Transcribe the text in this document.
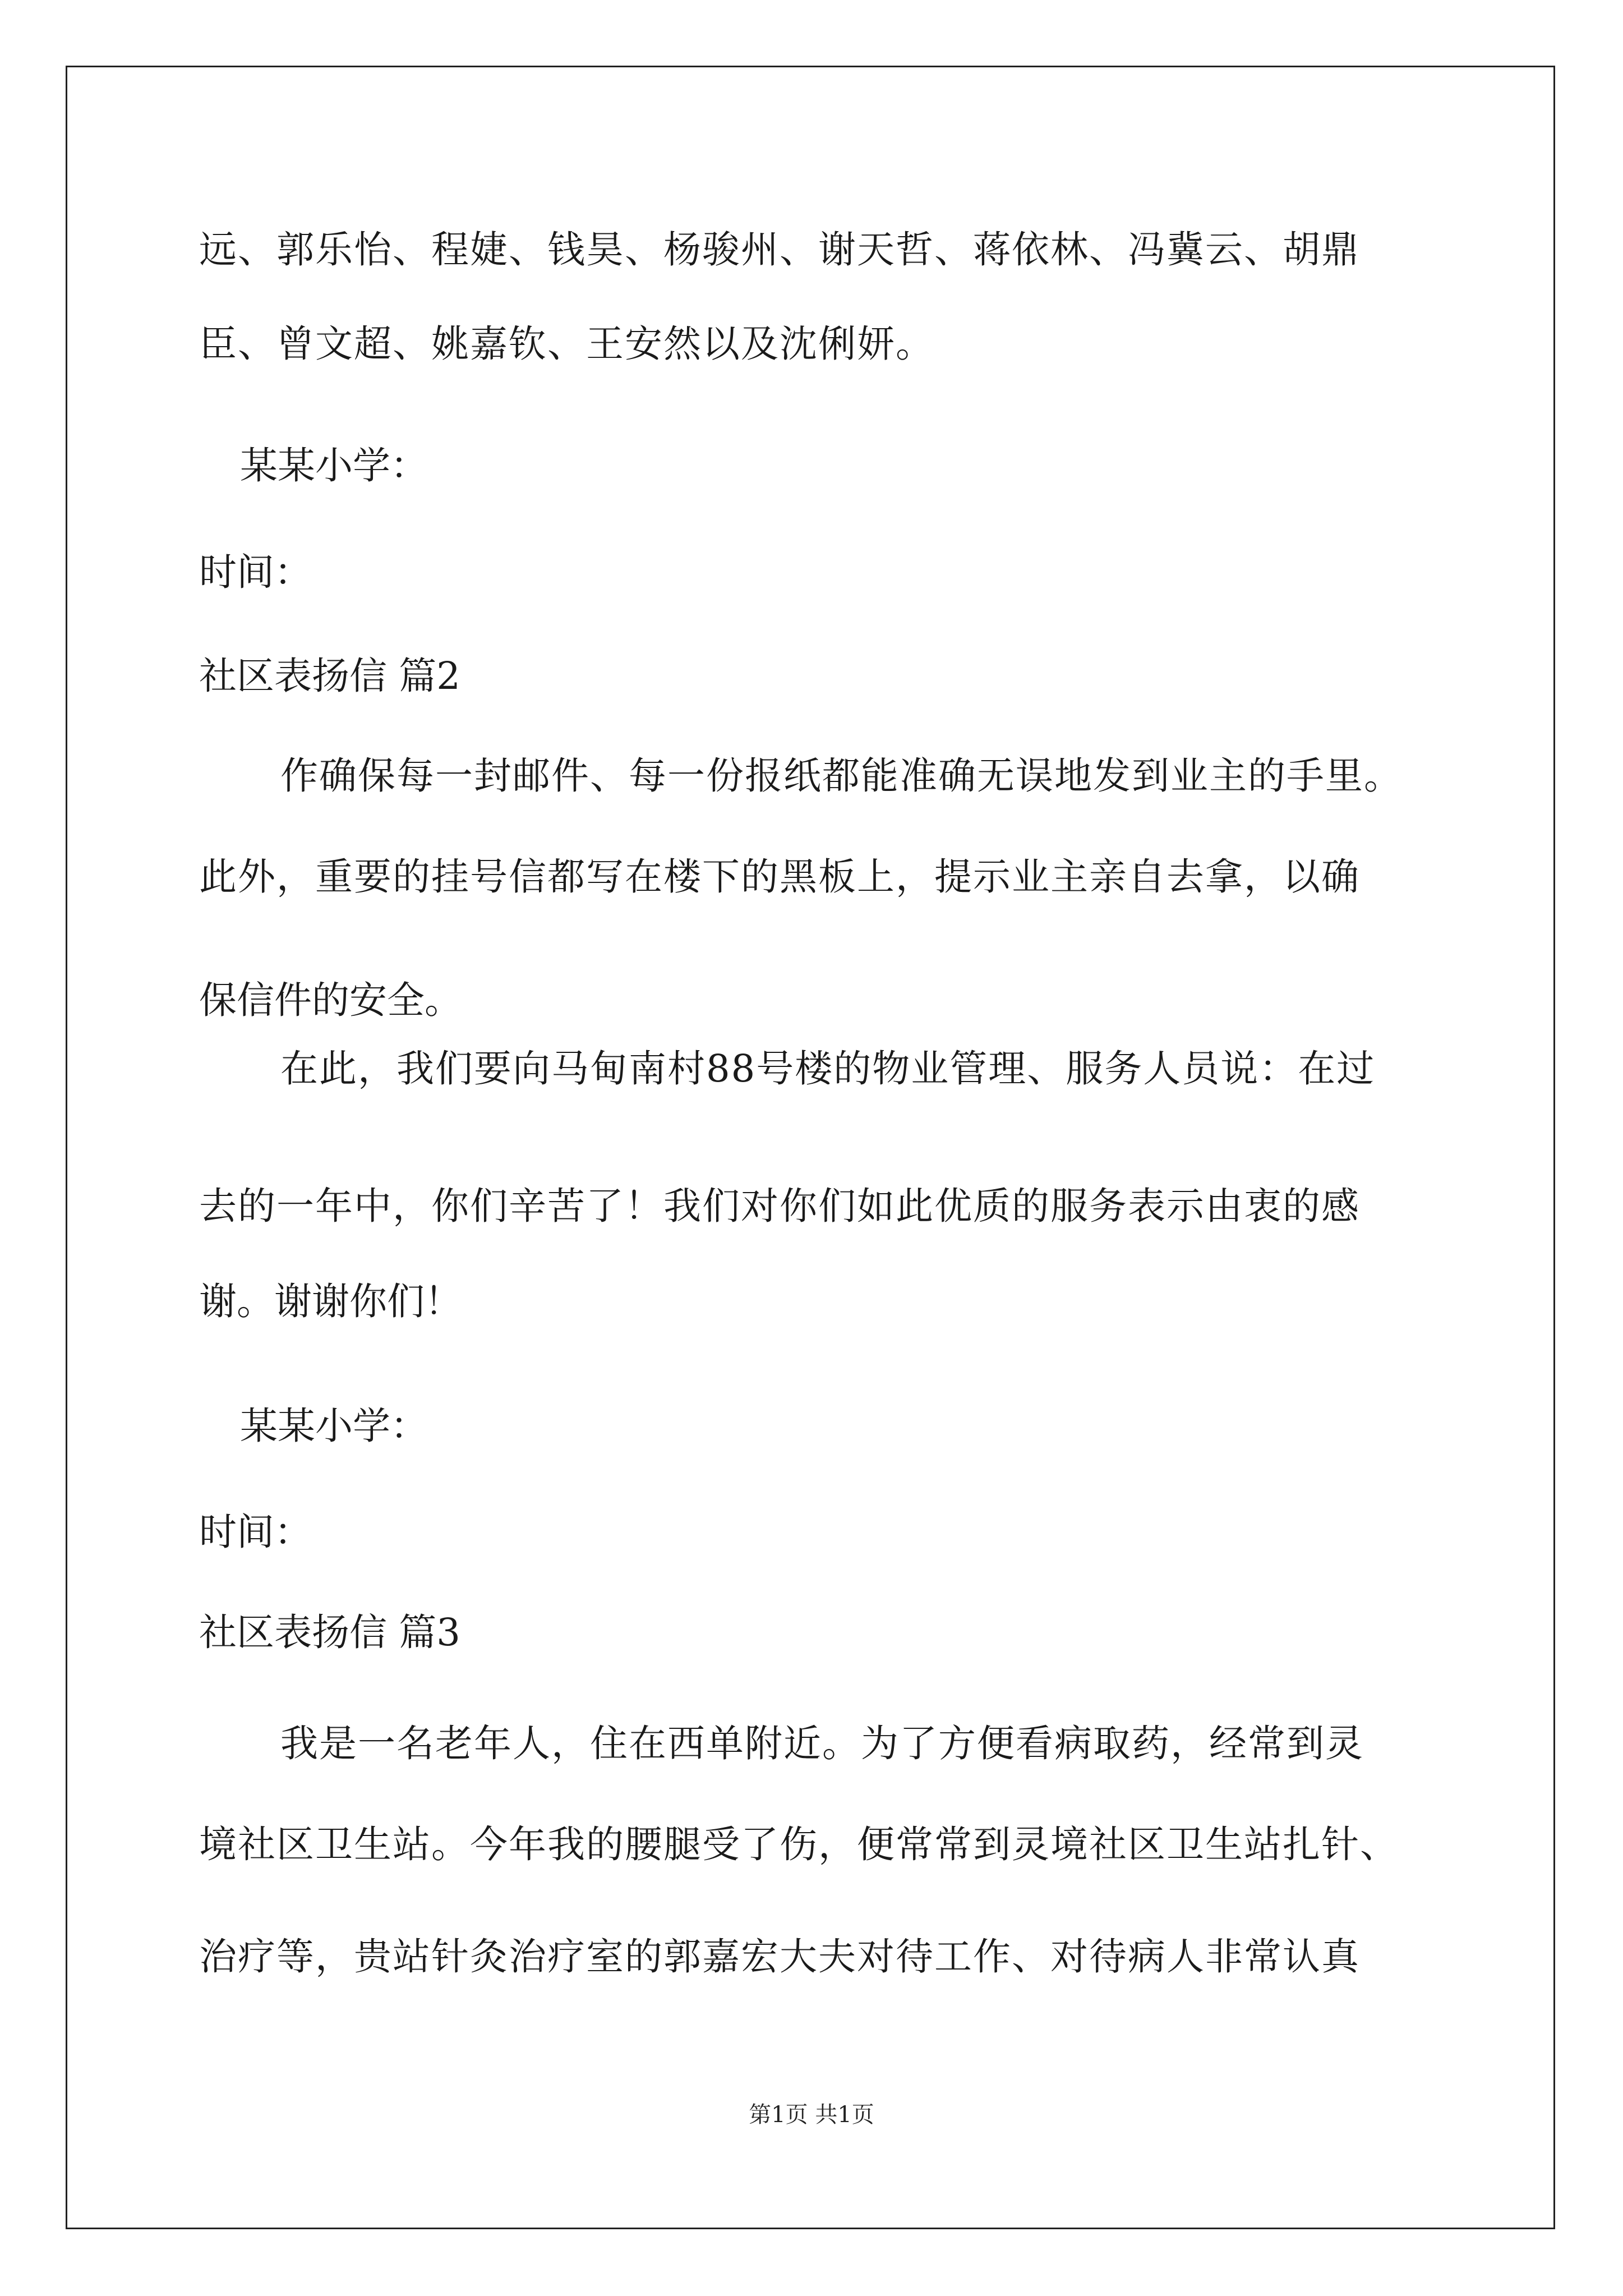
远、郭乐怡、程婕、钱昊、杨骏州、谢天哲、蒋依林、冯冀云、胡鼎
臣、曾文超、姚嘉钦、王安然以及沈俐妍。
某某小学：
时间：
社区表扬信 篇2
作确保每一封邮件、每一份报纸都能准确无误地发到业主的手里。
此外，重要的挂号信都写在楼下的黑板上，提示业主亲自去拿，以确
保信件的安全。
在此，我们要向马甸南村88号楼的物业管理、服务人员说：在过
去的一年中，你们辛苦了！我们对你们如此优质的服务表示由衷的感
谢。谢谢你们！
某某小学：
时间：
社区表扬信 篇3
我是一名老年人，住在西单附近。为了方便看病取药，经常到灵
境社区卫生站。今年我的腰腿受了伤，便常常到灵境社区卫生站扎针、
治疗等，贵站针灸治疗室的郭嘉宏大夫对待工作、对待病人非常认真
第1页 共1页
